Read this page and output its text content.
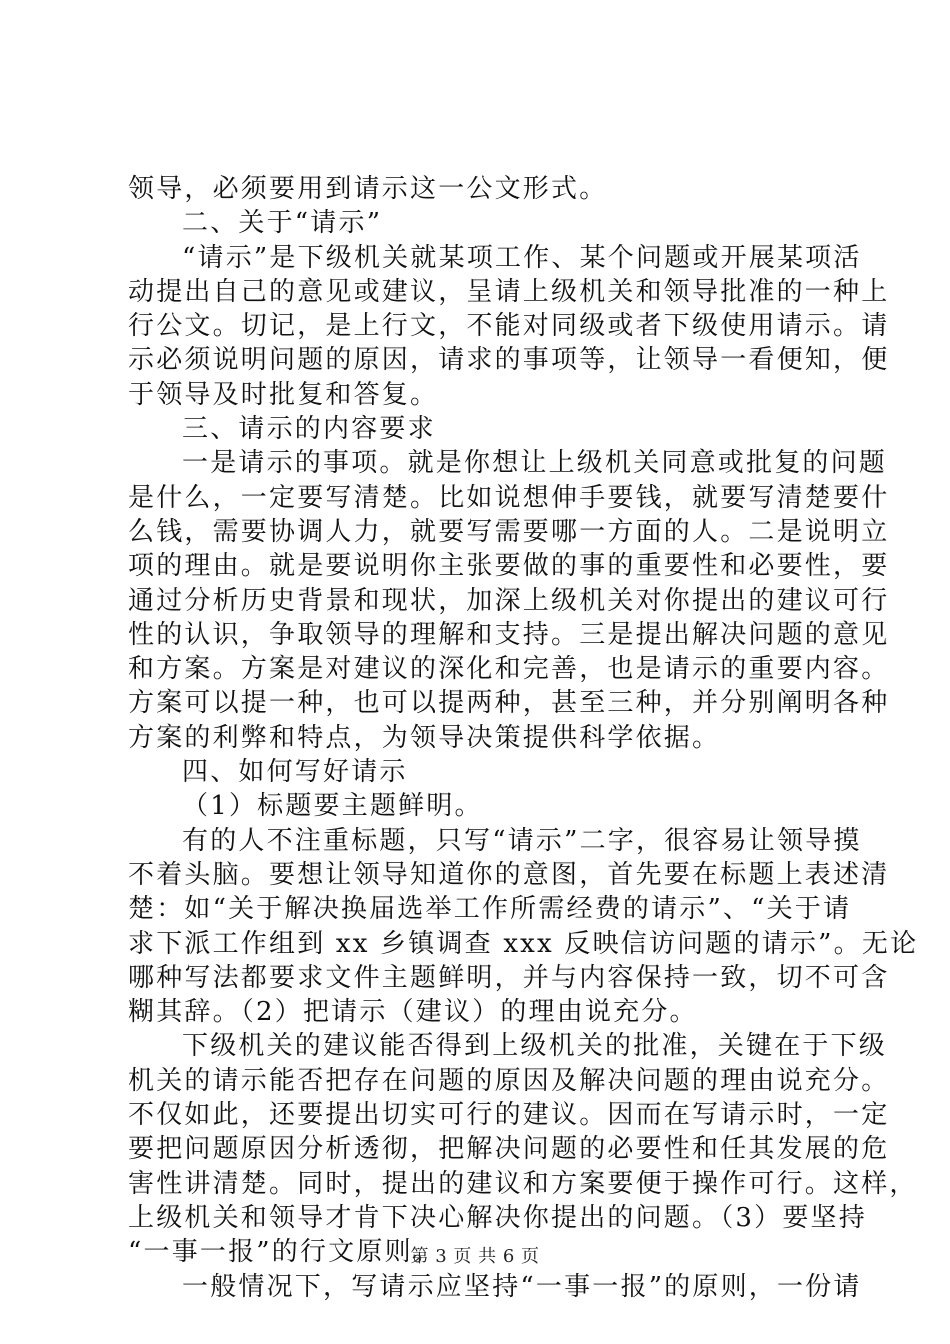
领导，必须要用到请示这一公文形式。
二、关于“请示”
“请示”是下级机关就某项工作、某个问题或开展某项活
动提出自己的意见或建议，呈请上级机关和领导批准的一种上
行公文。切记，是上行文，不能对同级或者下级使用请示。请
示必须说明问题的原因，请求的事项等，让领导一看便知，便
于领导及时批复和答复。
三、请示的内容要求
一是请示的事项。就是你想让上级机关同意或批复的问题
是什么，一定要写清楚。比如说想伸手要钱，就要写清楚要什
么钱，需要协调人力，就要写需要哪一方面的人。二是说明立
项的理由。就是要说明你主张要做的事的重要性和必要性，要
通过分析历史背景和现状，加深上级机关对你提出的建议可行
性的认识，争取领导的理解和支持。三是提出解决问题的意见
和方案。方案是对建议的深化和完善，也是请示的重要内容。
方案可以提一种，也可以提两种，甚至三种，并分别阐明各种
方案的利弊和特点，为领导决策提供科学依据。
四、如何写好请示
（1）标题要主题鲜明。
有的人不注重标题，只写“请示”二字，很容易让领导摸
不着头脑。要想让领导知道你的意图，首先要在标题上表述清
楚：如“关于解决换届选举工作所需经费的请示”、“关于请
求下派工作组到 xx 乡镇调查 xxx 反映信访问题的请示”。无论
哪种写法都要求文件主题鲜明，并与内容保持一致，切不可含
糊其辞。（2）把请示（建议）的理由说充分。
下级机关的建议能否得到上级机关的批准，关键在于下级
机关的请示能否把存在问题的原因及解决问题的理由说充分。
不仅如此，还要提出切实可行的建议。因而在写请示时，一定
要把问题原因分析透彻，把解决问题的必要性和任其发展的危
害性讲清楚。同时，提出的建议和方案要便于操作可行。这样，
上级机关和领导才肯下决心解决你提出的问题。（3）要坚持
“一事一报”的行文原则。
一般情况下，写请示应坚持“一事一报”的原则，一份请
第 3 页 共 6 页
